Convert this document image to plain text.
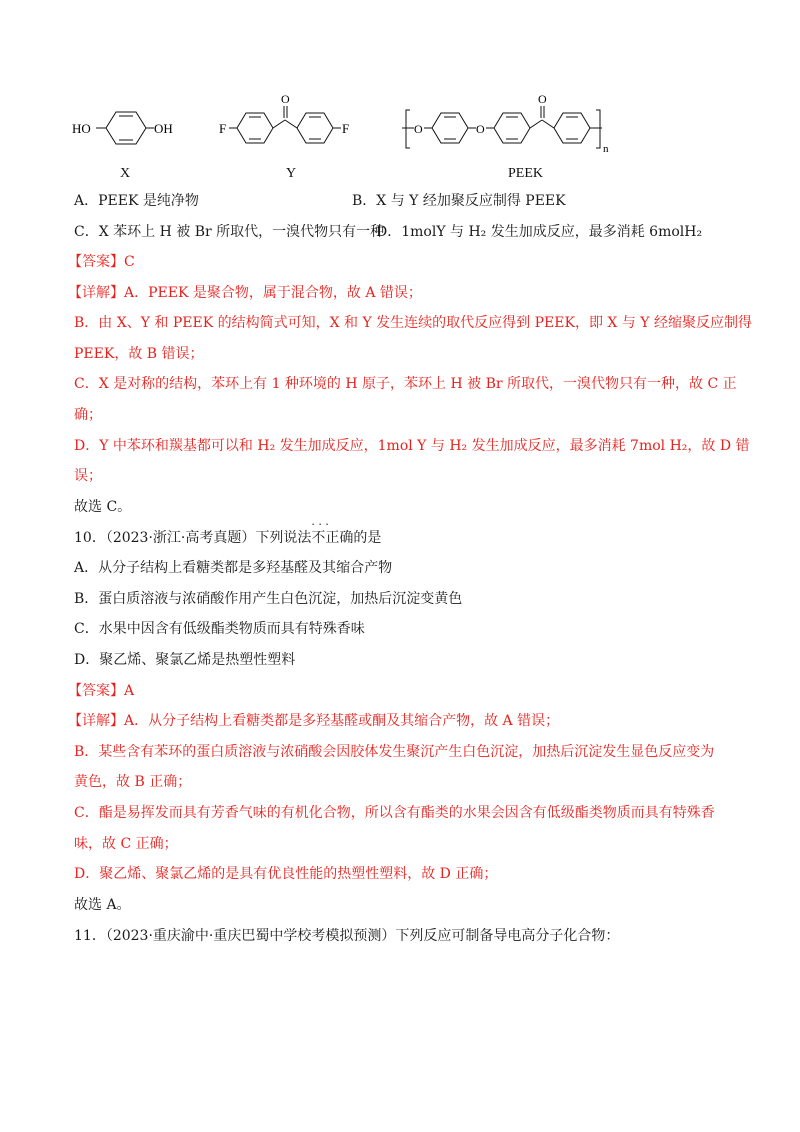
HO	OH	F
O
F	O	O
O
n
X	Y	PEEK
A．PEEK 是纯净物	B．X 与 Y 经加聚反应制得 PEEK
C．X 苯环上 H 被 Br 所取代，一溴代物只有一种
D．1molY 与 H₂ 发生加成反应，最多消耗 6molH₂
【答案】C
【详解】A．PEEK 是聚合物，属于混合物，故 A 错误；
B．由 X、Y 和 PEEK 的结构简式可知，X 和 Y 发生连续的取代反应得到 PEEK，即 X 与 Y 经缩聚反应制得
PEEK，故 B 错误；
C．X 是对称的结构，苯环上有 1 种环境的 H 原子，苯环上 H 被 Br 所取代，一溴代物只有一种，故 C 正
确；
D．Y 中苯环和羰基都可以和 H₂ 发生加成反应，1mol Y 与 H₂ 发生加成反应，最多消耗 7mol H₂，故 D 错
误；
故选 C。
10．（2023·浙江·高考真题）下列说法不正确 · · ·的是
A．从分子结构上看糖类都是多羟基醛及其缩合产物
B．蛋白质溶液与浓硝酸作用产生白色沉淀，加热后沉淀变黄色
C．水果中因含有低级酯类物质而具有特殊香味
D．聚乙烯、聚氯乙烯是热塑性塑料
【答案】A
【详解】A．从分子结构上看糖类都是多羟基醛或酮及其缩合产物，故 A 错误；
B．某些含有苯环的蛋白质溶液与浓硝酸会因胶体发生聚沉产生白色沉淀，加热后沉淀发生显色反应变为
黄色，故 B 正确；
C．酯是易挥发而具有芳香气味的有机化合物，所以含有酯类的水果会因含有低级酯类物质而具有特殊香
味，故 C 正确；
D．聚乙烯、聚氯乙烯的是具有优良性能的热塑性塑料，故 D 正确；
故选 A。
11．（2023·重庆渝中·重庆巴蜀中学校考模拟预测）下列反应可制备导电高分子化合物：
